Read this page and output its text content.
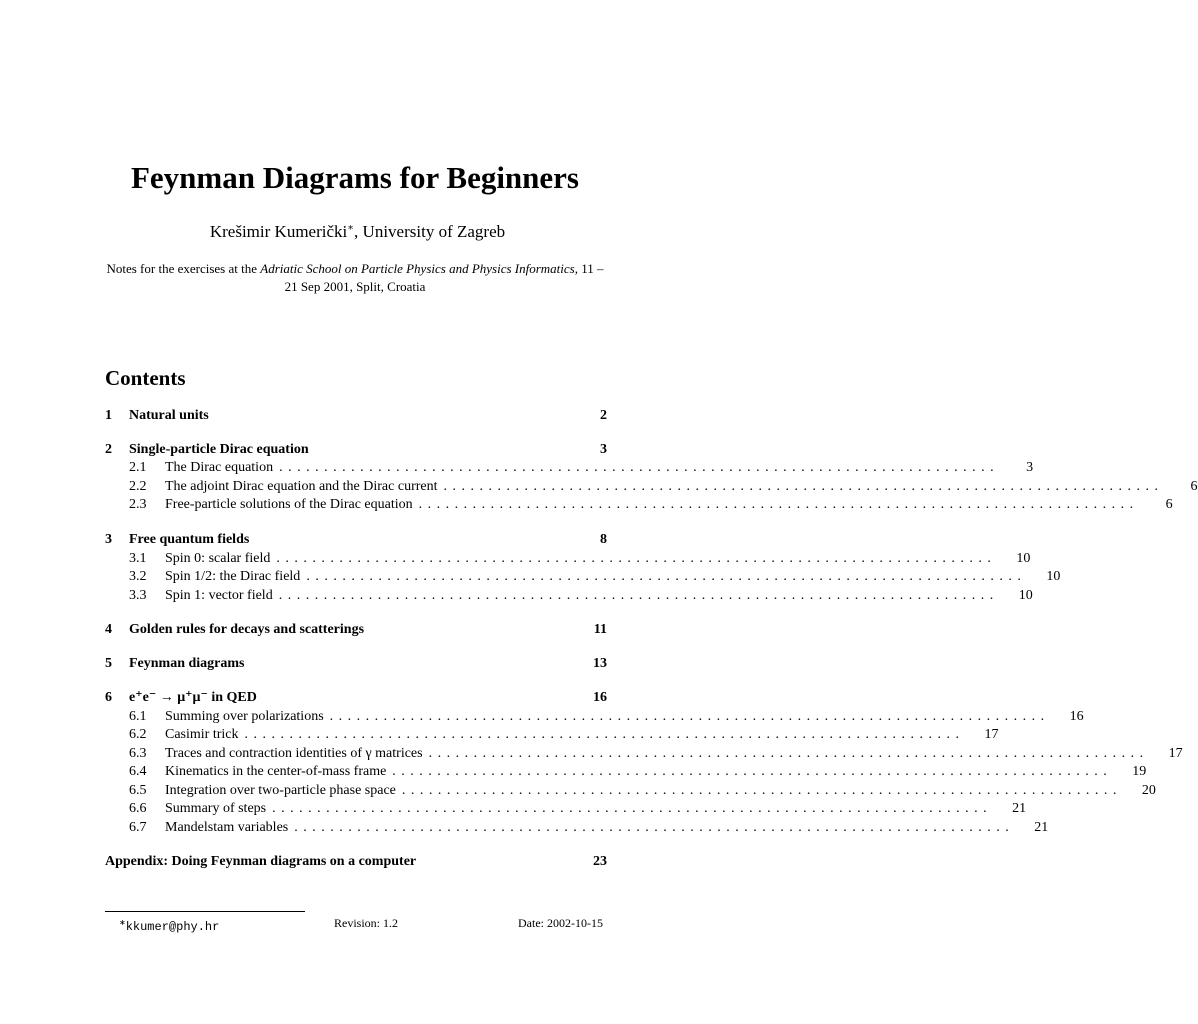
Feynman Diagrams for Beginners
Krešimir Kumerički∗, University of Zagreb
Notes for the exercises at the Adriatic School on Particle Physics and Physics Informatics, 11 – 21 Sep 2001, Split, Croatia
Contents
1	Natural units	2
2	Single-particle Dirac equation	3
2.1	The Dirac equation ................................................................................	3
2.2	The adjoint Dirac equation and the Dirac current ................................................................................	6
2.3	Free-particle solutions of the Dirac equation ................................................................................	6
3	Free quantum fields	8
3.1	Spin 0: scalar field ................................................................................	10
3.2	Spin 1/2: the Dirac field ................................................................................	10
3.3	Spin 1: vector field ................................................................................	10
4	Golden rules for decays and scatterings	11
5	Feynman diagrams	13
6	e⁺e⁻ → μ⁺μ⁻ in QED	16
6.1	Summing over polarizations ................................................................................	16
6.2	Casimir trick ................................................................................	17
6.3	Traces and contraction identities of γ matrices ................................................................................	17
6.4	Kinematics in the center-of-mass frame ................................................................................	19
6.5	Integration over two-particle phase space ................................................................................	20
6.6	Summary of steps ................................................................................	21
6.7	Mandelstam variables ................................................................................	21
Appendix: Doing Feynman diagrams on a computer	23
∗kkumer@phy.hr	Revision: 1.2	Date: 2002-10-15
